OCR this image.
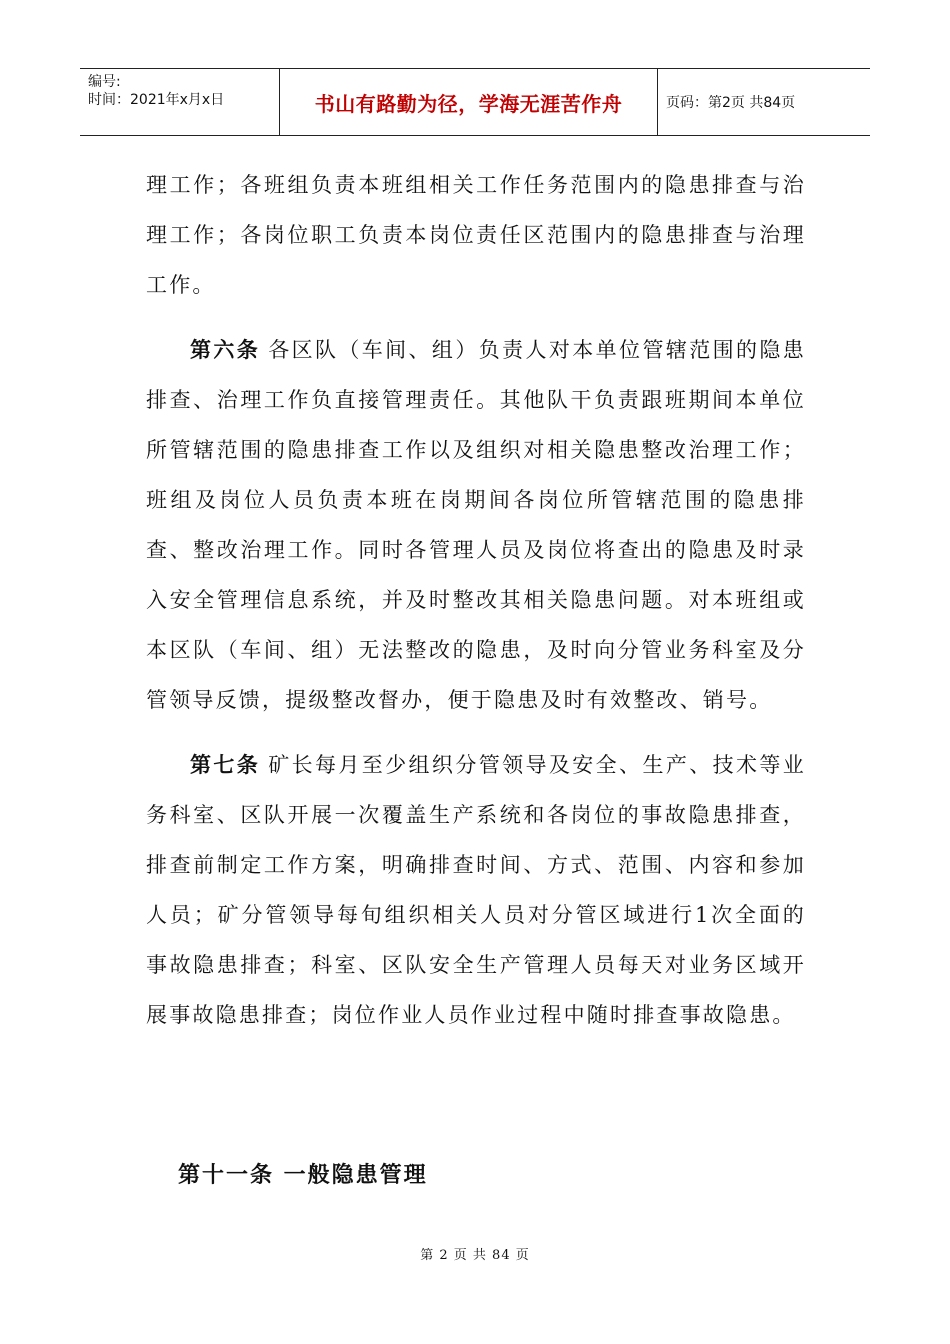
编号:
时间：2021年x月x日	书山有路勤为径，学海无涯苦作舟	页码：第2页 共84页

理工作；各班组负责本班组相关工作任务范围内的隐患排查与治理工作；各岗位职工负责本岗位责任区范围内的隐患排查与治理工作。

第六条 各区队（车间、组）负责人对本单位管辖范围的隐患排查、治理工作负直接管理责任。其他队干负责跟班期间本单位所管辖范围的隐患排查工作以及组织对相关隐患整改治理工作；班组及岗位人员负责本班在岗期间各岗位所管辖范围的隐患排查、整改治理工作。同时各管理人员及岗位将查出的隐患及时录入安全管理信息系统，并及时整改其相关隐患问题。对本班组或本区队（车间、组）无法整改的隐患，及时向分管业务科室及分管领导反馈，提级整改督办，便于隐患及时有效整改、销号。

第七条 矿长每月至少组织分管领导及安全、生产、技术等业务科室、区队开展一次覆盖生产系统和各岗位的事故隐患排查，排查前制定工作方案，明确排查时间、方式、范围、内容和参加人员；矿分管领导每旬组织相关人员对分管区域进行1次全面的事故隐患排查；科室、区队安全生产管理人员每天对业务区域开展事故隐患排查；岗位作业人员作业过程中随时排查事故隐患。

第十一条 一般隐患管理
第 2 页 共 84 页
